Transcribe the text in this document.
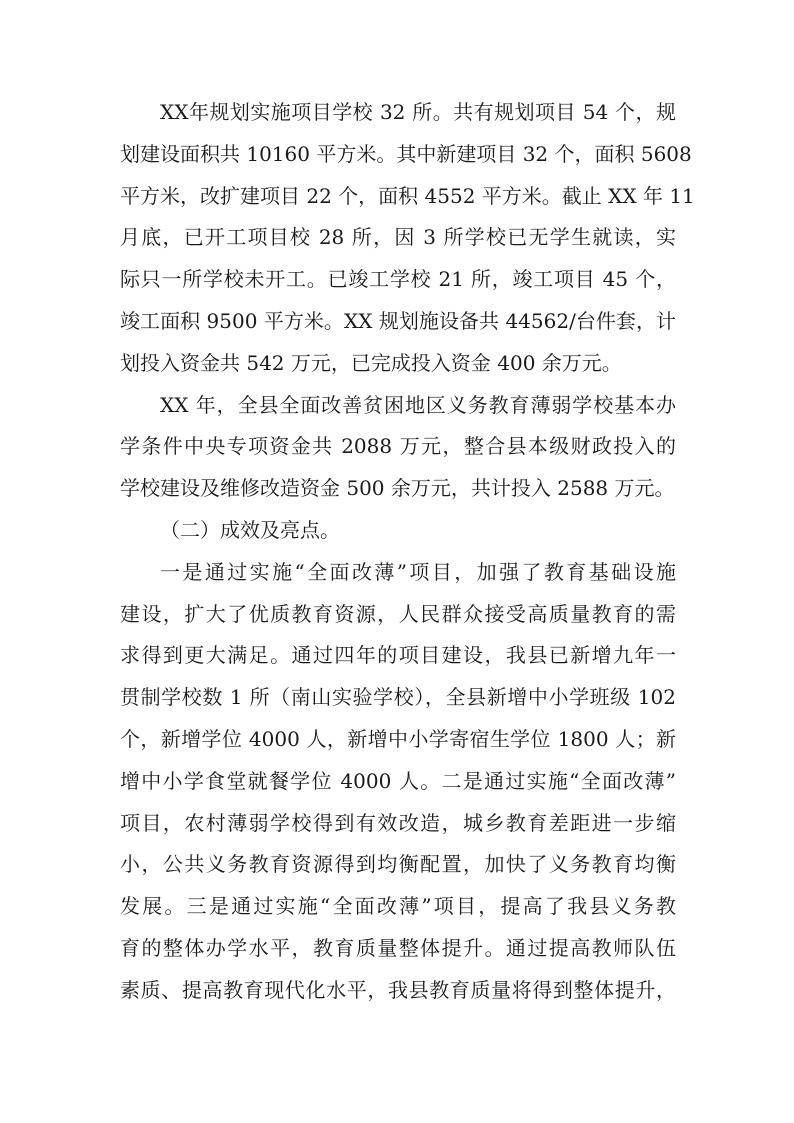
XX年规划实施项目学校 32 所。共有规划项目 54 个，规
划建设面积共 10160 平方米。其中新建项目 32 个，面积 5608
平方米，改扩建项目 22 个，面积 4552 平方米。截止 XX 年 11
月底，已开工项目校 28 所，因 3 所学校已无学生就读，实
际只一所学校未开工。已竣工学校 21 所，竣工项目 45 个，
竣工面积 9500 平方米。XX 规划施设备共 44562/台件套，计
划投入资金共 542 万元，已完成投入资金 400 余万元。
XX 年，全县全面改善贫困地区义务教育薄弱学校基本办
学条件中央专项资金共 2088 万元，整合县本级财政投入的
学校建设及维修改造资金 500 余万元，共计投入 2588 万元。
（二）成效及亮点。
一是通过实施“全面改薄”项目，加强了教育基础设施
建设，扩大了优质教育资源，人民群众接受高质量教育的需
求得到更大满足。通过四年的项目建设，我县已新增九年一
贯制学校数 1 所（南山实验学校），全县新增中小学班级 102
个，新增学位 4000 人，新增中小学寄宿生学位 1800 人；新
增中小学食堂就餐学位 4000 人。二是通过实施“全面改薄”
项目，农村薄弱学校得到有效改造，城乡教育差距进一步缩
小，公共义务教育资源得到均衡配置，加快了义务教育均衡
发展。三是通过实施“全面改薄”项目，提高了我县义务教
育的整体办学水平，教育质量整体提升。通过提高教师队伍
素质、提高教育现代化水平，我县教育质量将得到整体提升，
